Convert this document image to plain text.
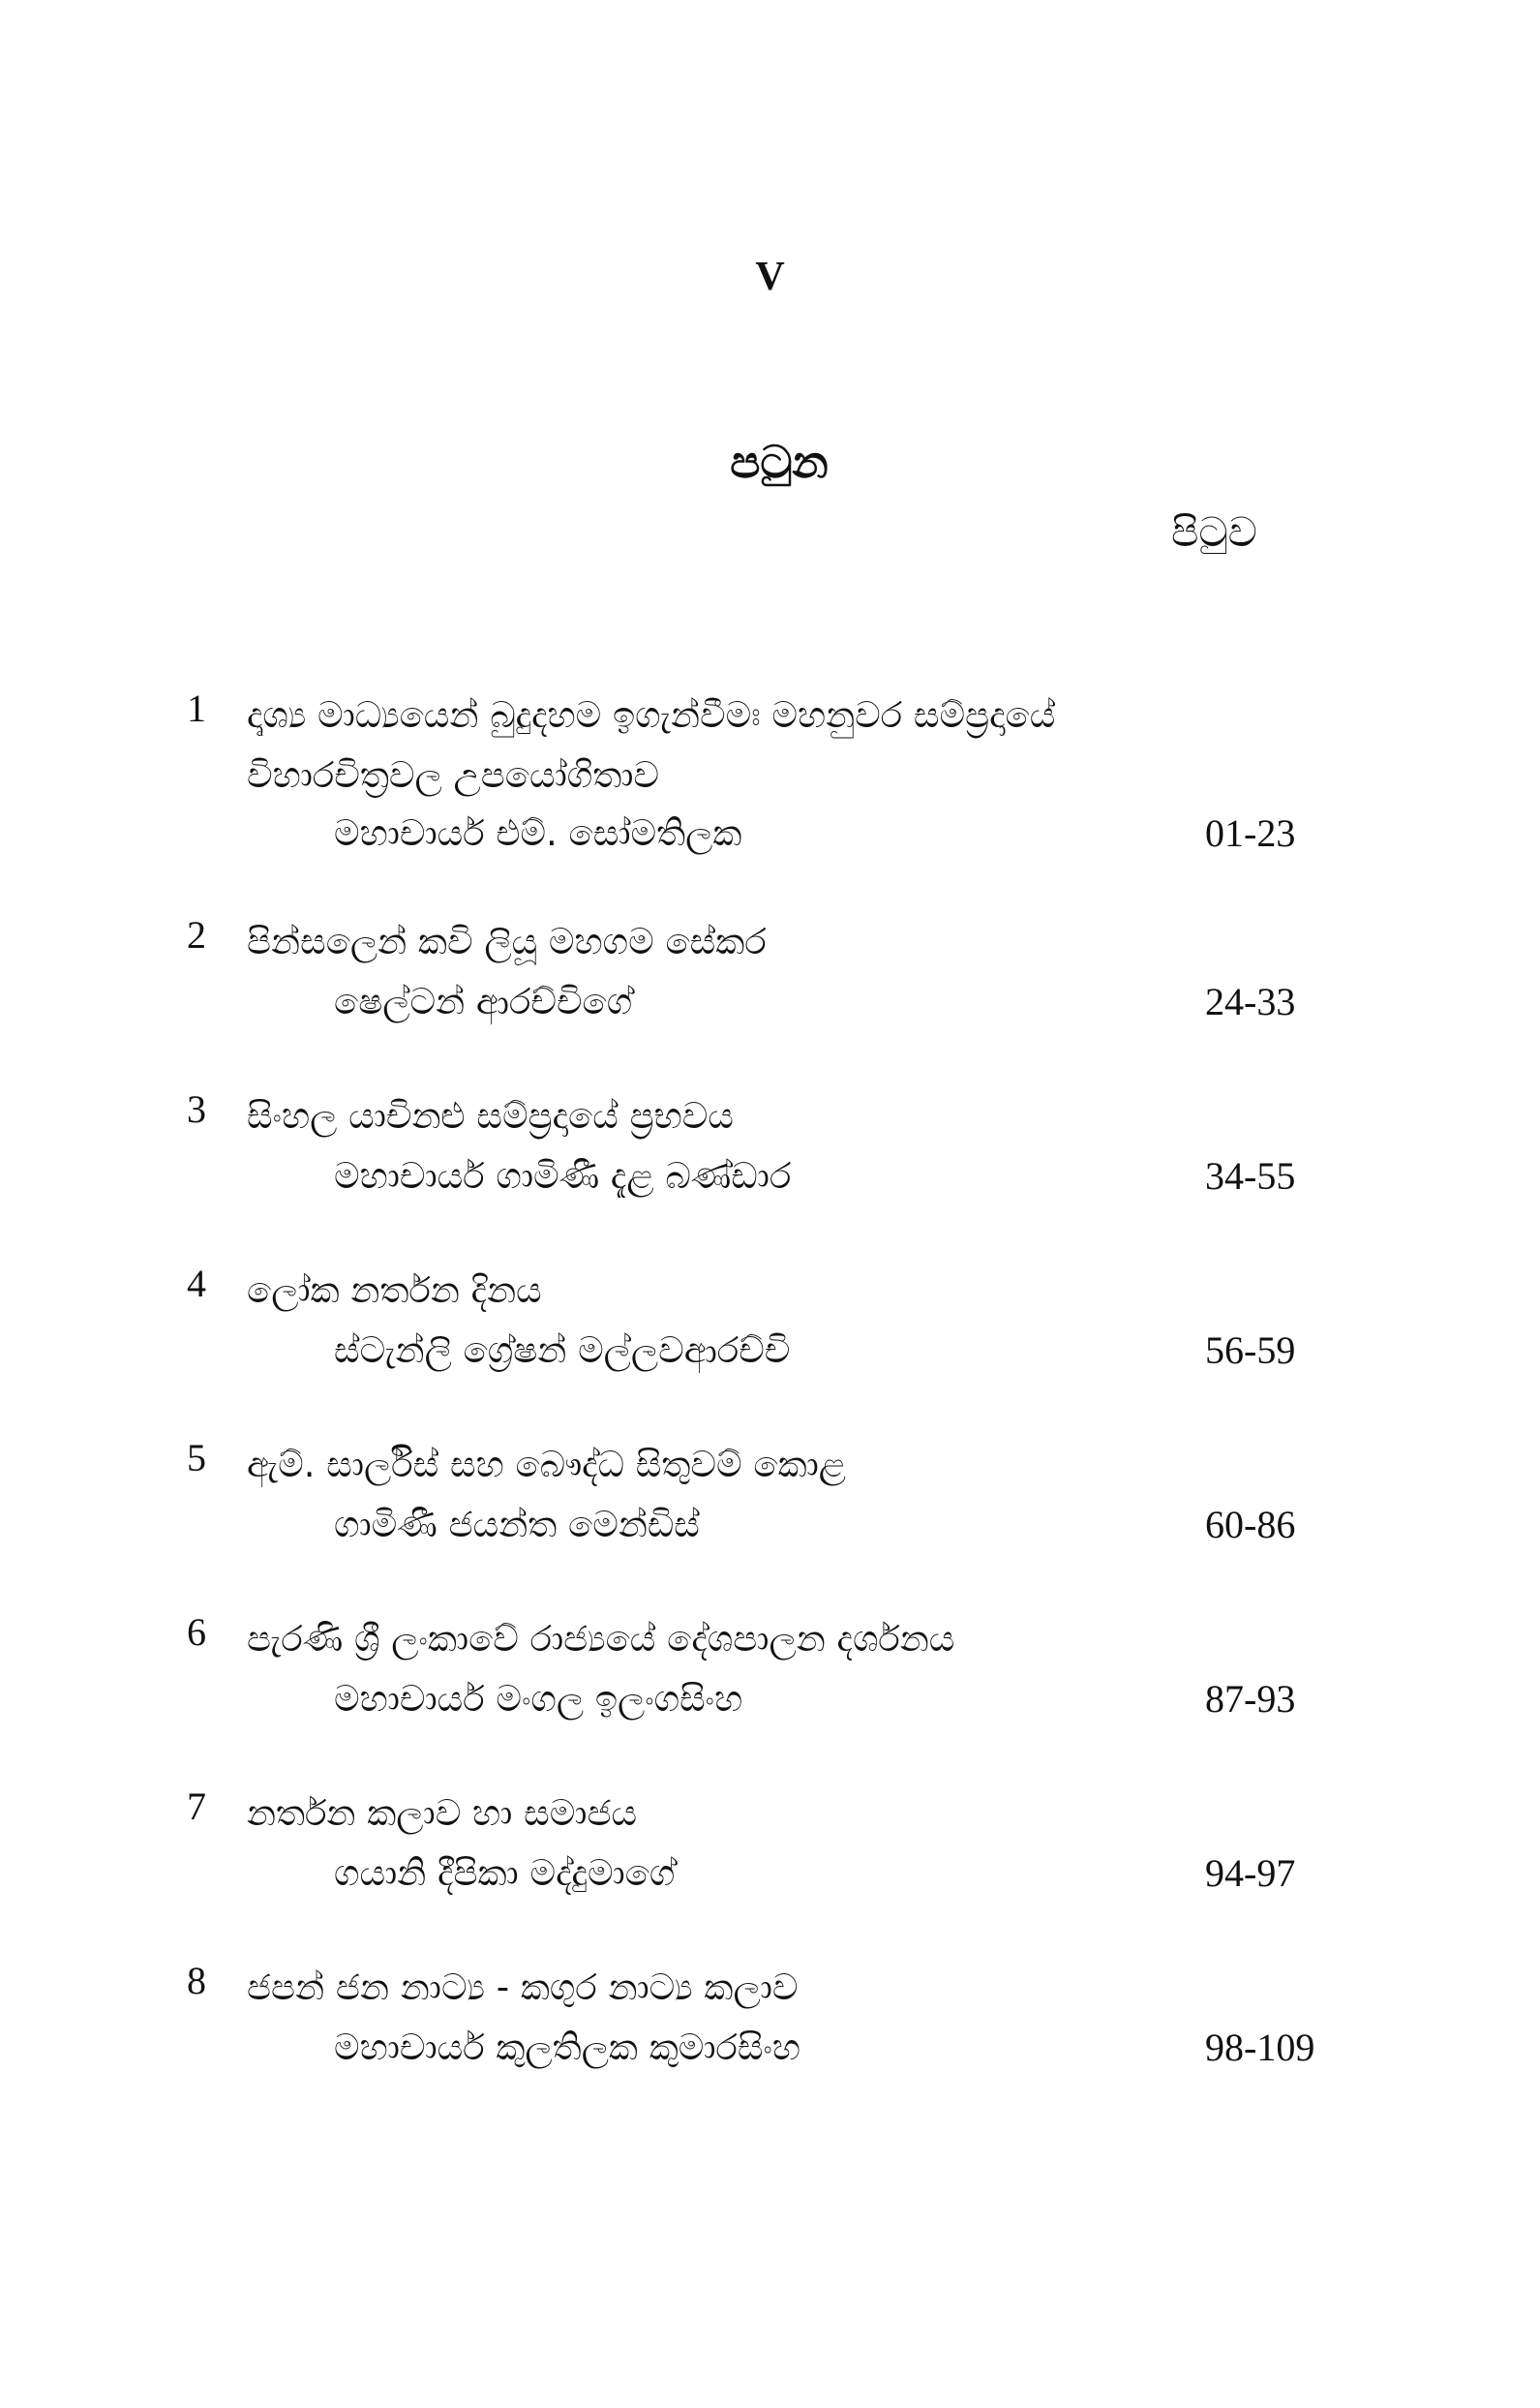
V
පටුන
පිටුව
1 දෘශ්‍ය මාධ්‍යයෙන් බුදුදහම ඉගැන්වීමඃ මහනුවර සම්ප්‍රදායේ විහාරචිත්‍රවල උපයෝගිතාව
මහාචාර්ය එම්. සෝමතිලක	01-23
2 පින්සලෙන් කවි ලියූ මහගම සේකර
ෂෙල්ටන් ආරච්චිගේ	24-33
3 සිංහල යාචිනළු සම්ප්‍රදායේ ප්‍රභවය
මහාචාර්ය ගාමිණී දැළ බණ්ඩාර	34-55
4 ලෝක නර්තන දිනය
ස්ටැන්ලි ග්‍රේෂන් මල්ලවආරච්චි	56-59
5 ඇම්. සාර්ලිස් සහ බෞද්ධ සිතුවම් කොළ
ගාමිණී ජයන්ත මෙන්ඩිස්	60-86
6 පැරණි ශ්‍රී ලංකාවේ රාජ්‍යයේ දේශපාලන දර්ශනය
මහාචාර්ය මංගල ඉලංගසිංහ	87-93
7 නර්තන කලාව හා සමාජය
ගයානි දීපිකා මද්දුමාගේ	94-97
8 ජපන් ජන නාට්‍ය - කගුර නාට්‍ය කලාව
මහාචාර්ය කුලතිලක කුමාරසිංහ	98-109
